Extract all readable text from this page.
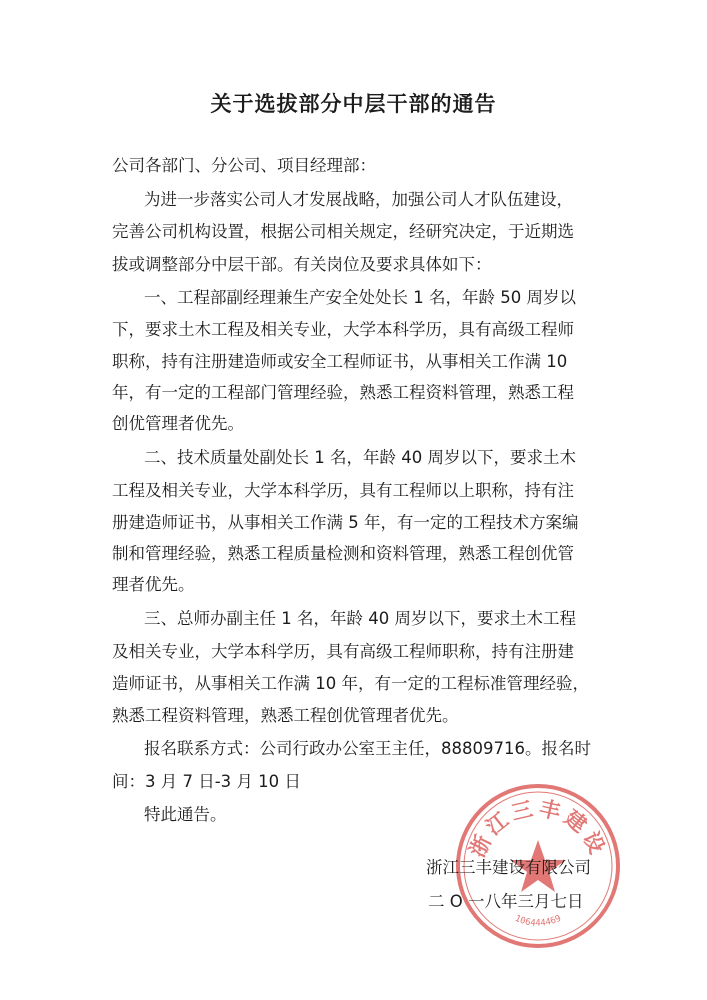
关于选拔部分中层干部的通告
公司各部门、分公司、项目经理部：
为进一步落实公司人才发展战略，加强公司人才队伍建设，
完善公司机构设置，根据公司相关规定，经研究决定，于近期选
拔或调整部分中层干部。有关岗位及要求具体如下：
一、工程部副经理兼生产安全处处长 1 名，年龄 50 周岁以
下，要求土木工程及相关专业，大学本科学历，具有高级工程师
职称，持有注册建造师或安全工程师证书，从事相关工作满 10
年，有一定的工程部门管理经验，熟悉工程资料管理，熟悉工程
创优管理者优先。
二、技术质量处副处长 1 名，年龄 40 周岁以下，要求土木
工程及相关专业，大学本科学历，具有工程师以上职称，持有注
册建造师证书，从事相关工作满 5 年，有一定的工程技术方案编
制和管理经验，熟悉工程质量检测和资料管理，熟悉工程创优管
理者优先。
三、总师办副主任 1 名，年龄 40 周岁以下，要求土木工程
及相关专业，大学本科学历，具有高级工程师职称，持有注册建
造师证书，从事相关工作满 10 年，有一定的工程标准管理经验，
熟悉工程资料管理，熟悉工程创优管理者优先。
报名联系方式：公司行政办公室王主任，88809716。报名时
间：3 月 7 日-3 月 10 日
特此通告。
浙江三丰建设
106444469
浙江三丰建设有限公司
二 O 一八年三月七日
